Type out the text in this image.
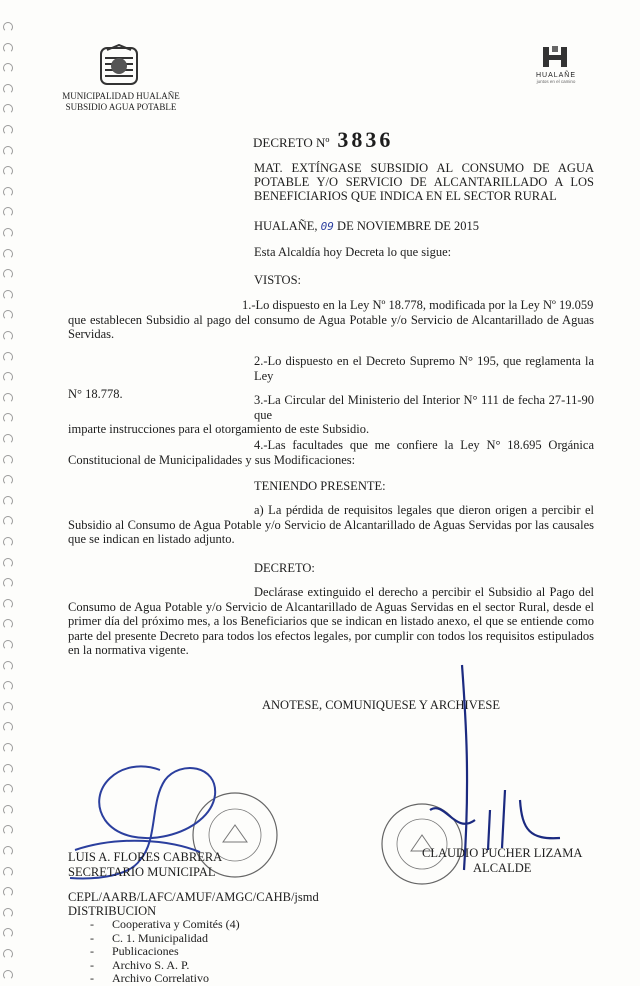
MUNICIPALIDAD HUALAÑE
SUBSIDIO AGUA POTABLE
HUALAÑE
juntos en el camino
DECRETO Nº 3836
MAT. EXTÍNGASE SUBSIDIO AL CONSUMO DE AGUA POTABLE Y/O SERVICIO DE ALCANTARILLADO A LOS BENEFICIARIOS QUE INDICA EN EL SECTOR RURAL
HUALAÑE, 09 DE NOVIEMBRE DE 2015
Esta Alcaldía hoy Decreta lo que sigue:
VISTOS:
1.-Lo dispuesto en la Ley Nº 18.778, modificada por la Ley Nº 19.059
que establecen Subsidio al pago del consumo de Agua Potable y/o Servicio de Alcantarillado de Aguas Servidas.
2.-Lo dispuesto en el Decreto Supremo N° 195, que reglamenta la Ley
N° 18.778.	3.-La Circular del Ministerio del Interior N° 111 de fecha 27-11-90 que
imparte instrucciones para el otorgamiento de este Subsidio.
4.-Las facultades que me confiere la Ley N° 18.695 Orgánica
Constitucional de Municipalidades y sus Modificaciones:
TENIENDO PRESENTE:
a) La pérdida de requisitos legales que dieron origen a percibir el
Subsidio al Consumo de Agua Potable y/o Servicio de Alcantarillado de Aguas Servidas por las causales que se indican en listado adjunto.
DECRETO:
Declárase extinguido el derecho a percibir el Subsidio al Pago del
Consumo de Agua Potable y/o Servicio de Alcantarillado de Aguas Servidas en el sector Rural, desde el primer día del próximo mes, a los Beneficiarios que se indican en listado anexo, el que se entiende como parte del presente Decreto para todos los efectos legales, por cumplir con todos los requisitos estipulados en la normativa vigente.
ANOTESE, COMUNIQUESE Y ARCHIVESE
LUIS A. FLORES CABRERA
SECRETARIO MUNICIPAL
CLAUDIO PUCHER LIZAMA
ALCALDE
CEPL/AARB/LAFC/AMUF/AMGC/CAHB/jsmd
DISTRIBUCION
- Cooperativa y Comités (4)
- C. 1. Municipalidad
- Publicaciones
- Archivo S. A. P.
- Archivo Correlativo
